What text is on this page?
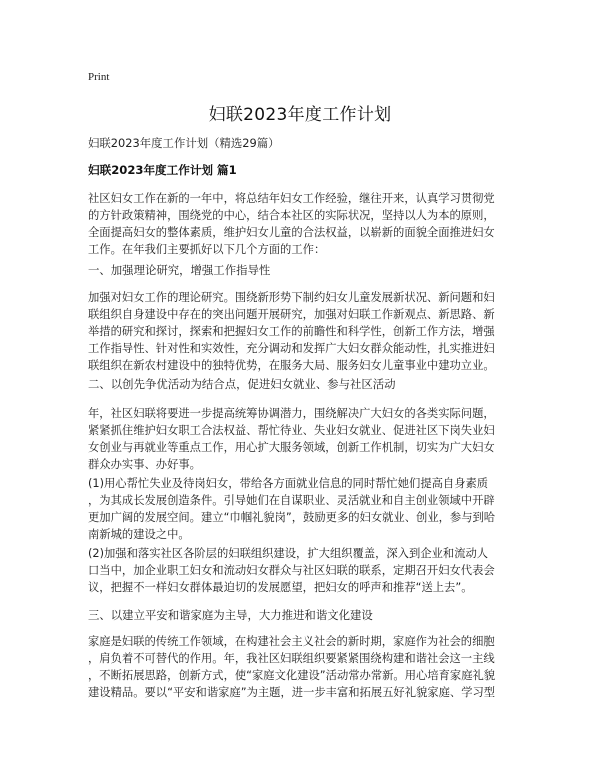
Print
妇联2023年度工作计划
妇联2023年度工作计划（精选29篇）
妇联2023年度工作计划 篇1
社区妇女工作在新的一年中，将总结年妇女工作经验，继往开来，认真学习贯彻党
的方针政策精神，围绕党的中心，结合本社区的实际状况，坚持以人为本的原则，
全面提高妇女的整体素质，维护妇女儿童的合法权益，以崭新的面貌全面推进妇女
工作。在年我们主要抓好以下几个方面的工作：
一、加强理论研究，增强工作指导性
加强对妇女工作的理论研究。围绕新形势下制约妇女儿童发展新状况、新问题和妇
联组织自身建设中存在的突出问题开展研究，加强对妇联工作新观点、新思路、新
举措的研究和探讨，探索和把握妇女工作的前瞻性和科学性，创新工作方法，增强
工作指导性、针对性和实效性，充分调动和发挥广大妇女群众能动性，扎实推进妇
联组织在新农村建设中的独特优势，在服务大局、服务妇女儿童事业中建功立业。
二、以创先争优活动为结合点，促进妇女就业、参与社区活动
年，社区妇联将要进一步提高统筹协调潜力，围绕解决广大妇女的各类实际问题，
紧紧抓住维护妇女职工合法权益、帮忙待业、失业妇女就业、促进社区下岗失业妇
女创业与再就业等重点工作，用心扩大服务领域，创新工作机制，切实为广大妇女
群众办实事、办好事。
(1)用心帮忙失业及待岗妇女，带给各方面就业信息的同时帮忙她们提高自身素质
，为其成长发展创造条件。引导她们在自谋职业、灵活就业和自主创业领域中开辟
更加广阔的发展空间。建立“巾帼礼貌岗”，鼓励更多的妇女就业、创业，参与到哈
南新城的建设之中。
(2)加强和落实社区各阶层的妇联组织建设，扩大组织覆盖，深入到企业和流动人
口当中，加企业职工妇女和流动妇女群众与社区妇联的联系，定期召开妇女代表会
议，把握不一样妇女群体最迫切的发展愿望，把妇女的呼声和推荐“送上去”。
三、以建立平安和谐家庭为主导，大力推进和谐文化建设
家庭是妇联的传统工作领域，在构建社会主义社会的新时期，家庭作为社会的细胞
，肩负着不可替代的作用。年，我社区妇联组织要紧紧围绕构建和谐社会这一主线
，不断拓展思路，创新方式，使“家庭文化建设”活动常办常新。用心培育家庭礼貌
建设精品。要以“平安和谐家庭”为主题，进一步丰富和拓展五好礼貌家庭、学习型
